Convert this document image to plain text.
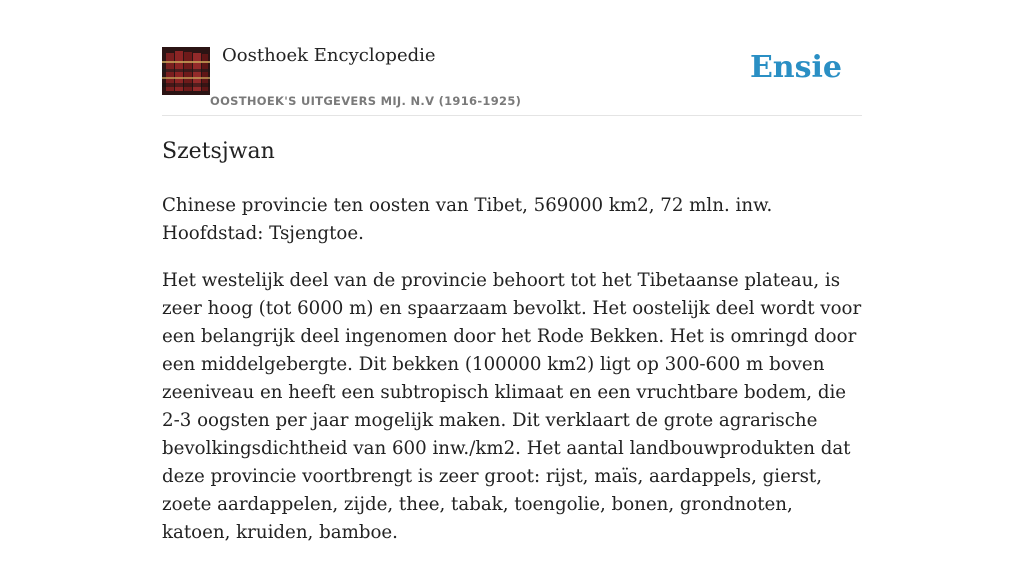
Oosthoek Encyclopedie
OOSTHOEK'S UITGEVERS MIJ. N.V (1916-1925)
Ensie
Szetsjwan

Chinese provincie ten oosten van Tibet, 569000 km2, 72 mln. inw. Hoofdstad: Tsjengtoe.

Het westelijk deel van de provincie behoort tot het Tibetaanse plateau, is zeer hoog (tot 6000 m) en spaarzaam bevolkt. Het oostelijk deel wordt voor een belangrijk deel ingenomen door het Rode Bekken. Het is omringd door een middelgebergte. Dit bekken (100000 km2) ligt op 300-600 m boven zeeniveau en heeft een subtropisch klimaat en een vruchtbare bodem, die 2-3 oogsten per jaar mogelijk maken. Dit verklaart de grote agrarische bevolkingsdichtheid van 600 inw./km2. Het aantal landbouwprodukten dat deze provincie voortbrengt is zeer groot: rijst, maïs, aardappels, gierst, zoete aardappelen, zijde, thee, tabak, toengolie, bonen, grondnoten, katoen, kruiden, bamboe.
